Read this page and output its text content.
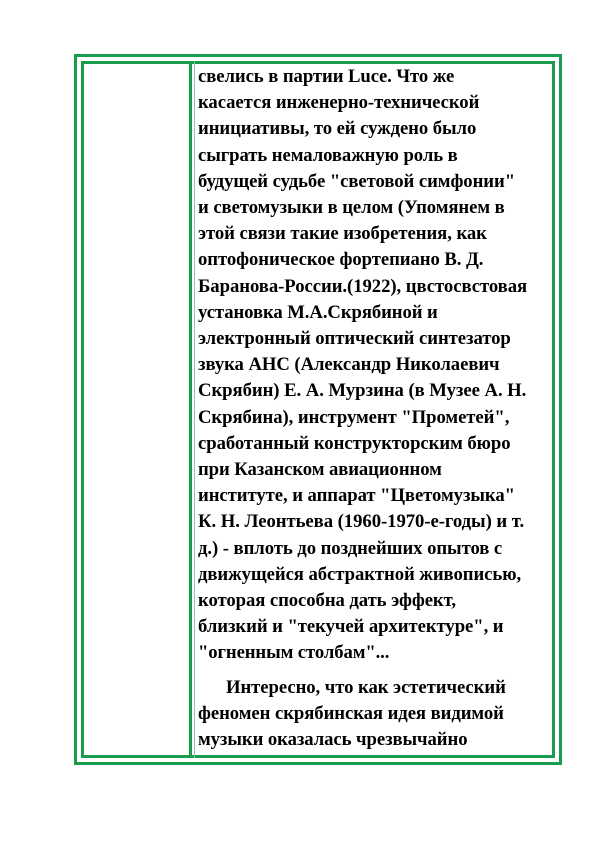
свелись в партии Luce. Что же
касается инженерно-технической
инициативы, то ей суждено было
сыграть немаловажную роль в
будущей судьбе "световой симфонии"
и светомузыки в целом (Упомянем в
этой связи такие изобретения, как
оптофоническое фортепиано В. Д.
Баранова-России.(1922), цвстосвстовая
установка М.А.Скрябиной и
электронный оптический синтезатор
звука АНС (Александр Николаевич
Скрябин) Е. А. Мурзина (в Музее А. Н.
Скрябина), инструмент "Прометей",
сработанный конструкторским бюро
при Казанском авиационном
институте, и аппарат "Цветомузыка"
К. Н. Леонтьева (1960-1970-е-годы) и т.
д.) - вплоть до позднейших опытов с
движущейся абстрактной живописью,
которая способна дать эффект,
близкий и "текучей архитектуре", и
"огненным столбам"...
Интересно, что как эстетический
феномен скрябинская идея видимой
музыки оказалась чрезвычайно
